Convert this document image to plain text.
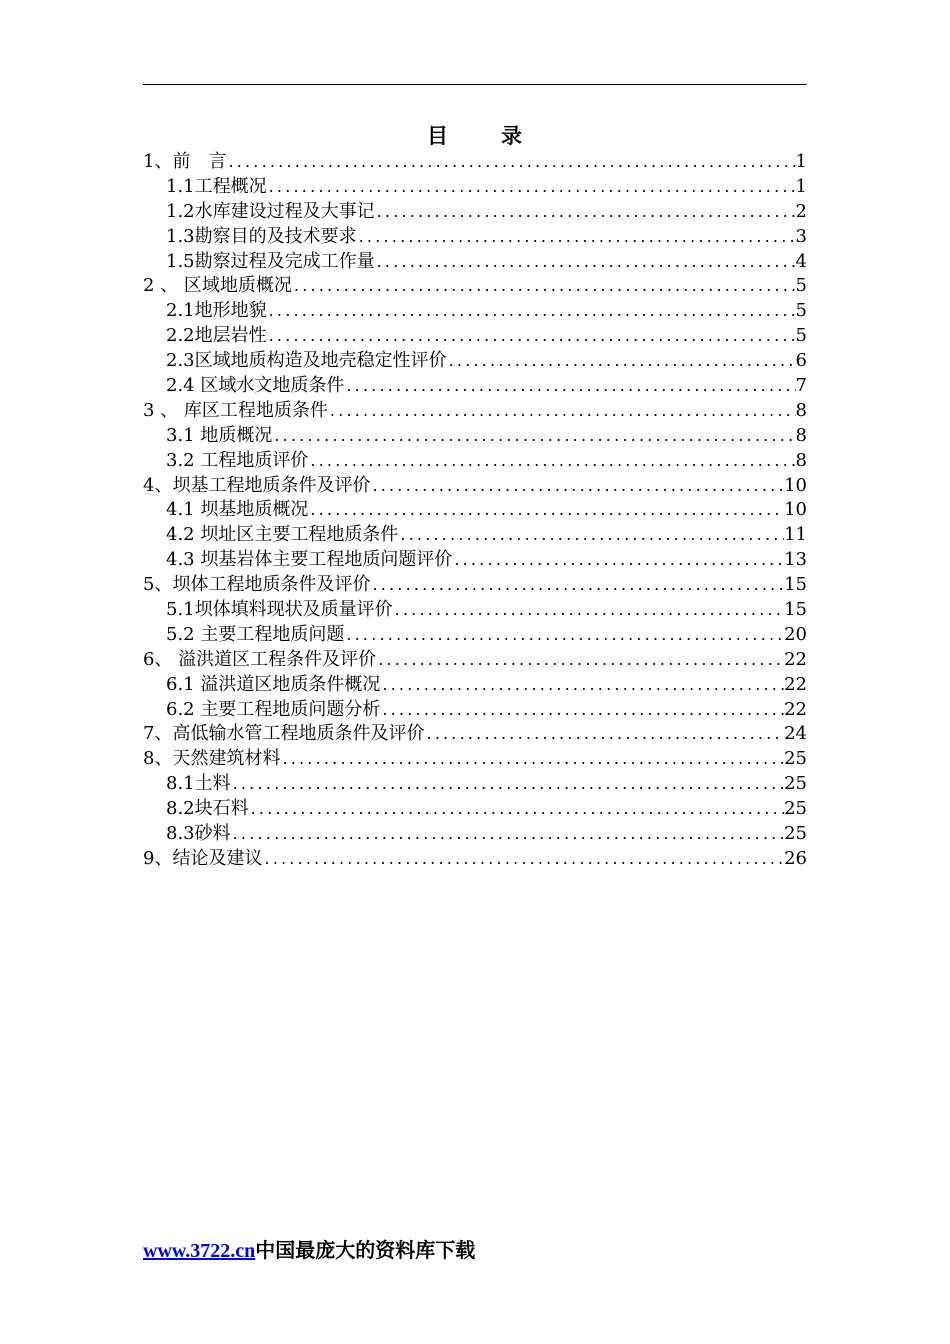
目 录
1、前　言 .....	1
1.1工程概况 .....	1
1.2水库建设过程及大事记 .....	2
1.3勘察目的及技术要求 .....	3
1.5勘察过程及完成工作量 .....	4
2 、 区域地质概况 .....	5
2.1地形地貌 .....	5
2.2地层岩性 .....	5
2.3区域地质构造及地壳稳定性评价 .....	6
2.4 区域水文地质条件 .....	7
3 、 库区工程地质条件 .....	8
3.1 地质概况 .....	8
3.2 工程地质评价 .....	8
4、坝基工程地质条件及评价 .....	10
4.1 坝基地质概况 .....	10
4.2 坝址区主要工程地质条件 .....	11
4.3 坝基岩体主要工程地质问题评价 .....	13
5、坝体工程地质条件及评价 .....	15
5.1坝体填料现状及质量评价 .....	15
5.2 主要工程地质问题 .....	20
6、 溢洪道区工程条件及评价 .....	22
6.1 溢洪道区地质条件概况 .....	22
6.2 主要工程地质问题分析 .....	22
7、高低输水管工程地质条件及评价 .....	24
8、天然建筑材料 .....	25
8.1土料 .....	25
8.2块石料 .....	25
8.3砂料 .....	25
9、结论及建议 .....	26
www.3722.cn中国最庞大的资料库下载
